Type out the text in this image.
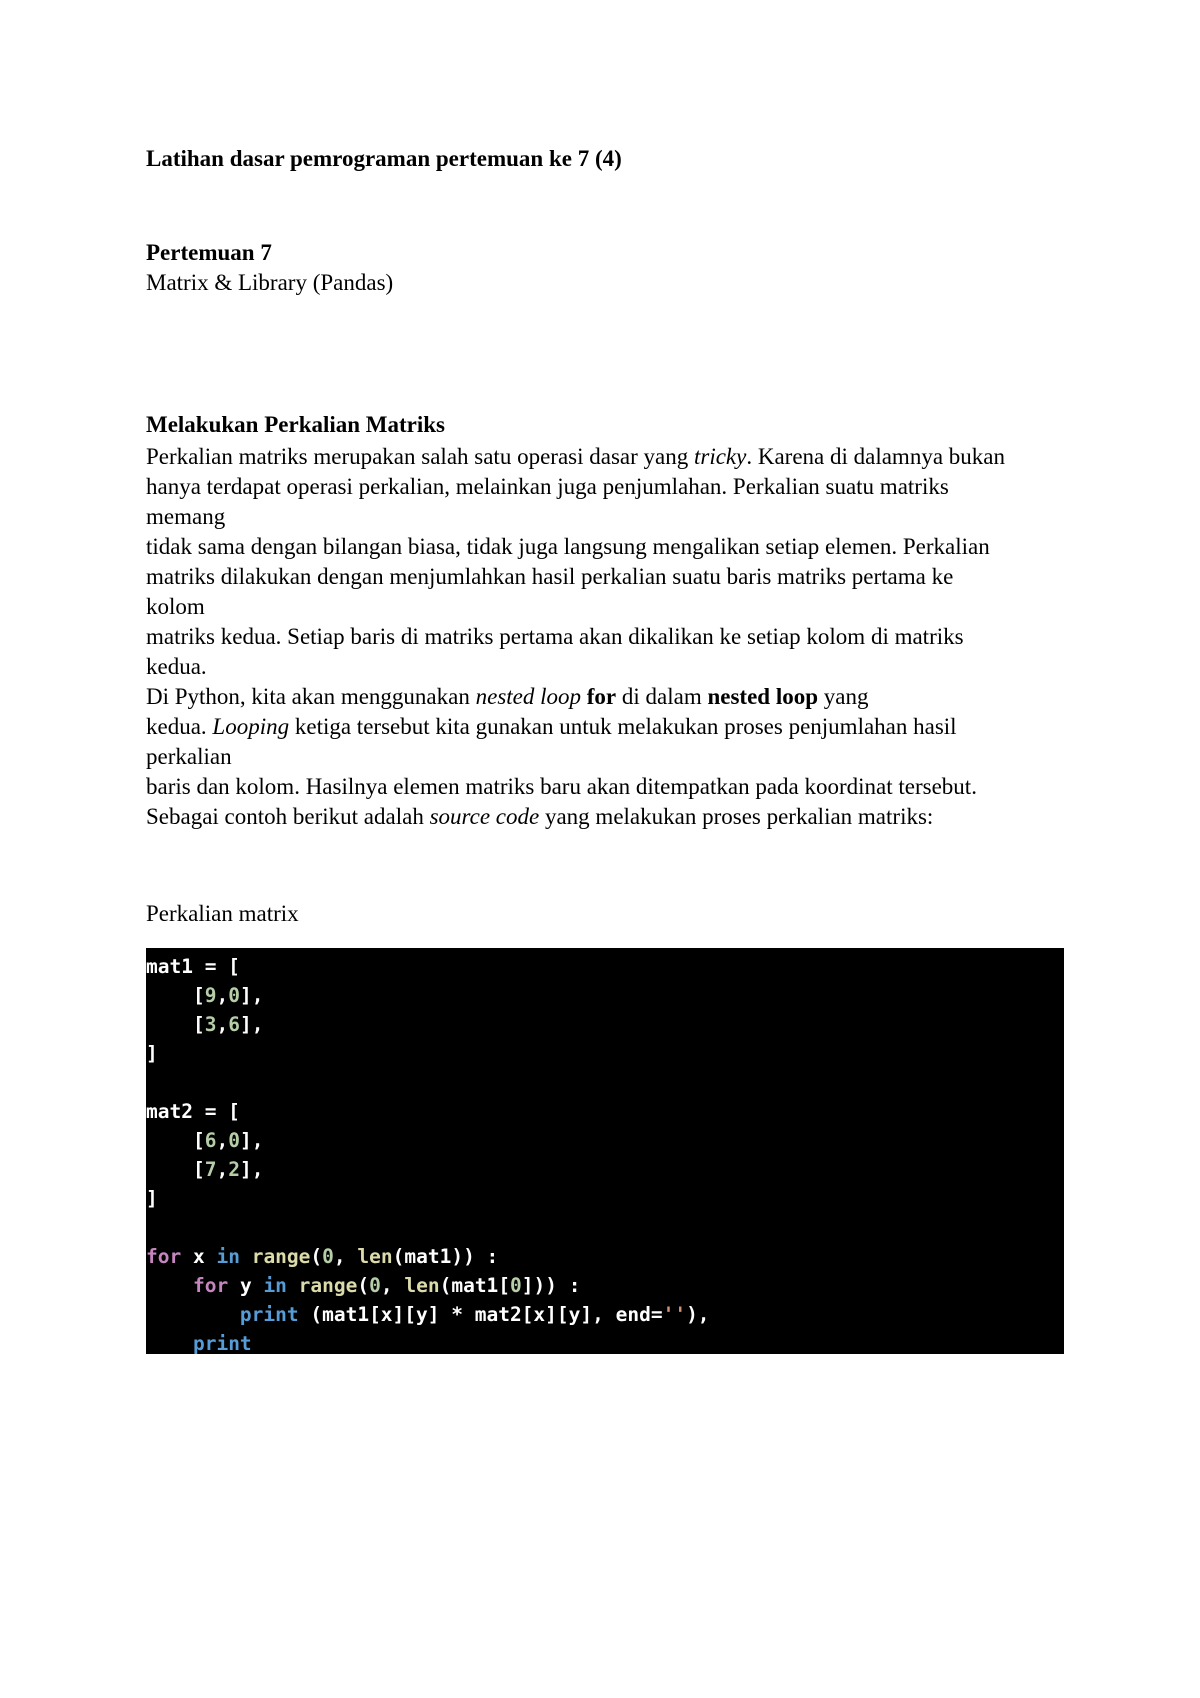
Latihan dasar pemrograman pertemuan ke 7 (4)
Pertemuan 7
Matrix & Library (Pandas)
Melakukan Perkalian Matriks
Perkalian matriks merupakan salah satu operasi dasar yang tricky. Karena di dalamnya bukan
hanya terdapat operasi perkalian, melainkan juga penjumlahan. Perkalian suatu matriks
memang
tidak sama dengan bilangan biasa, tidak juga langsung mengalikan setiap elemen. Perkalian
matriks dilakukan dengan menjumlahkan hasil perkalian suatu baris matriks pertama ke
kolom
matriks kedua. Setiap baris di matriks pertama akan dikalikan ke setiap kolom di matriks
kedua.
Di Python, kita akan menggunakan nested loop for di dalam nested loop yang
kedua. Looping ketiga tersebut kita gunakan untuk melakukan proses penjumlahan hasil
perkalian
baris dan kolom. Hasilnya elemen matriks baru akan ditempatkan pada koordinat tersebut.
Sebagai contoh berikut adalah source code yang melakukan proses perkalian matriks:
Perkalian matrix
mat1 = [
[9,0],
[3,6],
]
mat2 = [
[6,0],
[7,2],
]
for x in range(0, len(mat1)) :
for y in range(0, len(mat1[0])) :
print (mat1[x][y] * mat2[x][y], end=''),
print
